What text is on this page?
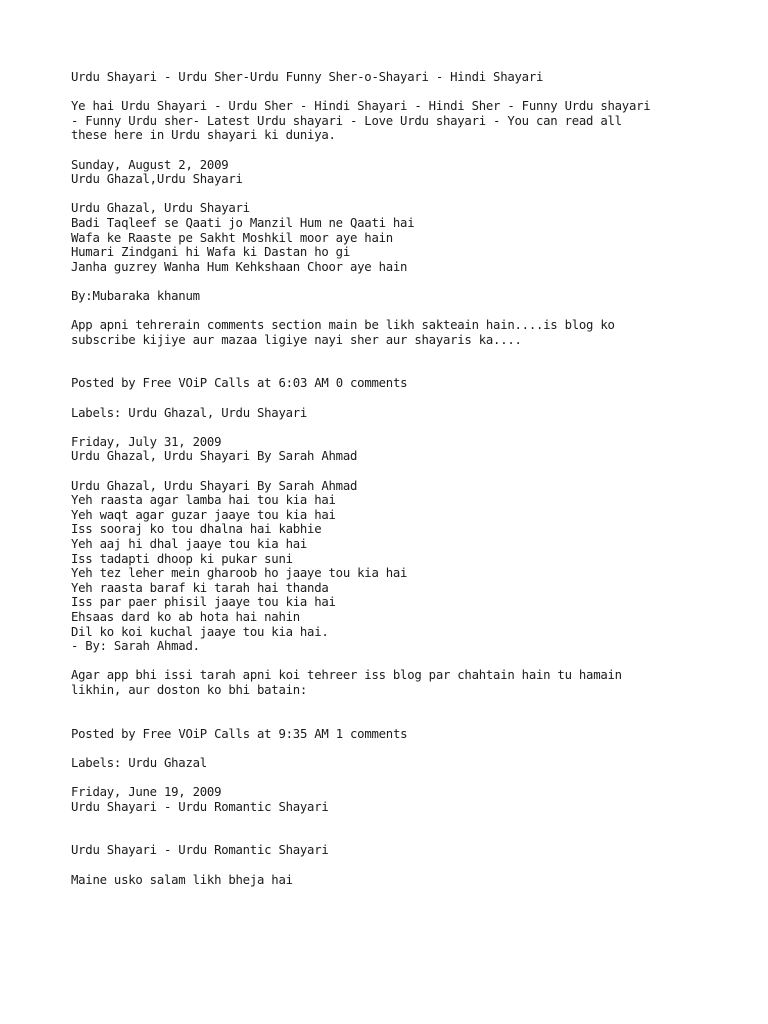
Urdu Shayari - Urdu Sher-Urdu Funny Sher-o-Shayari - Hindi Shayari
Ye hai Urdu Shayari - Urdu Sher - Hindi Shayari - Hindi Sher - Funny Urdu shayari
- Funny Urdu sher- Latest Urdu shayari - Love Urdu shayari - You can read all
these here in Urdu shayari ki duniya.
Sunday, August 2, 2009
Urdu Ghazal,Urdu Shayari
Urdu Ghazal, Urdu Shayari
Badi Taqleef se Qaati jo Manzil Hum ne Qaati hai
Wafa ke Raaste pe Sakht Moshkil moor aye hain
Humari Zindgani hi Wafa ki Dastan ho gi
Janha guzrey Wanha Hum Kehkshaan Choor aye hain
By:Mubaraka khanum
App apni tehrerain comments section main be likh sakteain hain....is blog ko
subscribe kijiye aur mazaa ligiye nayi sher aur shayaris ka....
Posted by Free VOiP Calls at 6:03 AM 0 comments
Labels: Urdu Ghazal, Urdu Shayari
Friday, July 31, 2009
Urdu Ghazal, Urdu Shayari By Sarah Ahmad
Urdu Ghazal, Urdu Shayari By Sarah Ahmad
Yeh raasta agar lamba hai tou kia hai
Yeh waqt agar guzar jaaye tou kia hai
Iss sooraj ko tou dhalna hai kabhie
Yeh aaj hi dhal jaaye tou kia hai
Iss tadapti dhoop ki pukar suni
Yeh tez leher mein gharoob ho jaaye tou kia hai
Yeh raasta baraf ki tarah hai thanda
Iss par paer phisil jaaye tou kia hai
Ehsaas dard ko ab hota hai nahin
Dil ko koi kuchal jaaye tou kia hai.
- By: Sarah Ahmad.
Agar app bhi issi tarah apni koi tehreer iss blog par chahtain hain tu hamain
likhin, aur doston ko bhi batain:
Posted by Free VOiP Calls at 9:35 AM 1 comments
Labels: Urdu Ghazal
Friday, June 19, 2009
Urdu Shayari - Urdu Romantic Shayari
Urdu Shayari - Urdu Romantic Shayari
Maine usko salam likh bheja hai
